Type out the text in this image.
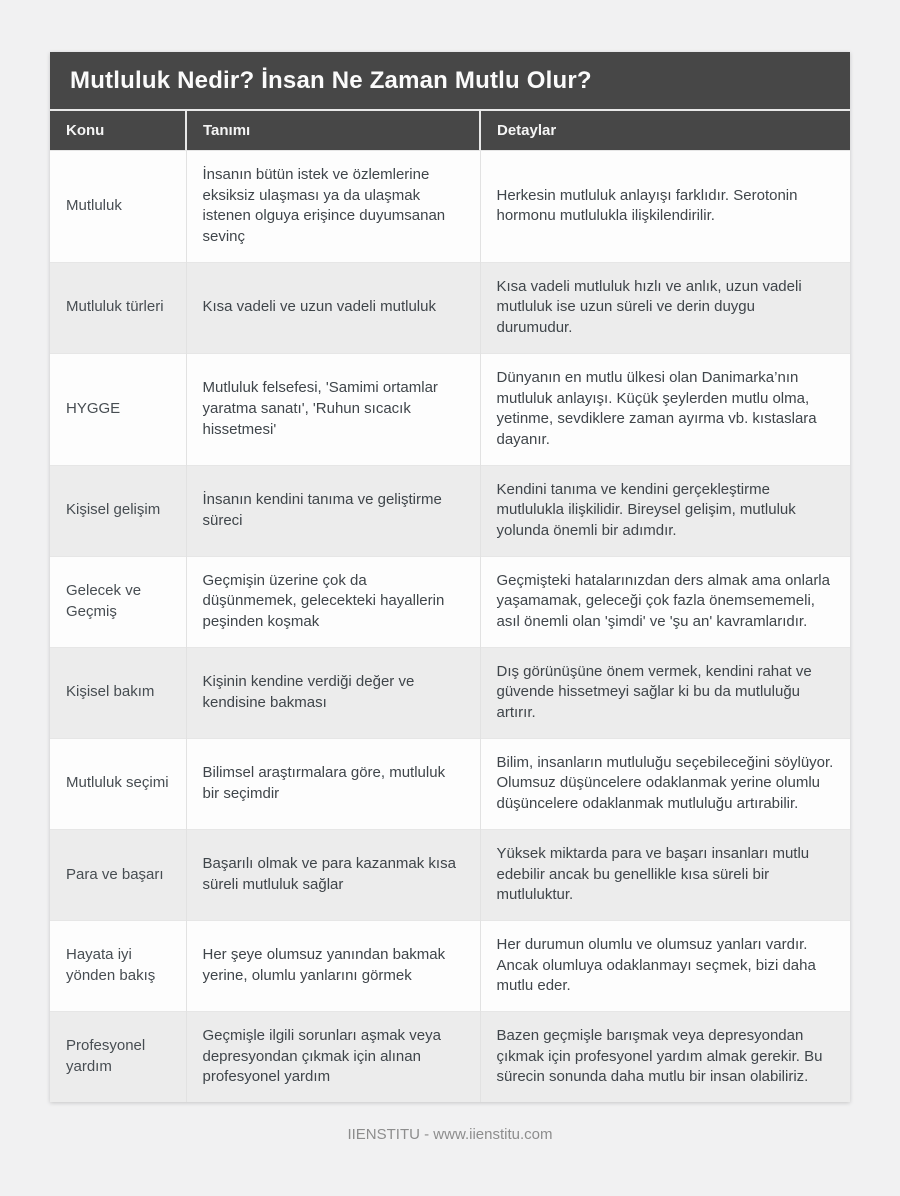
Mutluluk Nedir? İnsan Ne Zaman Mutlu Olur?
Konu	Tanımı	Detaylar
Mutluluk	İnsanın bütün istek ve özlemlerine eksiksiz ulaşması ya da ulaşmak istenen olguya erişince duyumsanan sevinç	Herkesin mutluluk anlayışı farklıdır. Serotonin hormonu mutlulukla ilişkilendirilir.
Mutluluk türleri	Kısa vadeli ve uzun vadeli mutluluk	Kısa vadeli mutluluk hızlı ve anlık, uzun vadeli mutluluk ise uzun süreli ve derin duygu durumudur.
HYGGE	Mutluluk felsefesi, 'Samimi ortamlar yaratma sanatı', 'Ruhun sıcacık hissetmesi'	Dünyanın en mutlu ülkesi olan Danimarka’nın mutluluk anlayışı. Küçük şeylerden mutlu olma, yetinme, sevdiklere zaman ayırma vb. kıstaslara dayanır.
Kişisel gelişim	İnsanın kendini tanıma ve geliştirme süreci	Kendini tanıma ve kendini gerçekleştirme mutlulukla ilişkilidir. Bireysel gelişim, mutluluk yolunda önemli bir adımdır.
Gelecek ve Geçmiş	Geçmişin üzerine çok da düşünmemek, gelecekteki hayallerin peşinden koşmak	Geçmişteki hatalarınızdan ders almak ama onlarla yaşamamak, geleceği çok fazla önemsememeli, asıl önemli olan 'şimdi' ve 'şu an' kavramlarıdır.
Kişisel bakım	Kişinin kendine verdiği değer ve kendisine bakması	Dış görünüşüne önem vermek, kendini rahat ve güvende hissetmeyi sağlar ki bu da mutluluğu artırır.
Mutluluk seçimi	Bilimsel araştırmalara göre, mutluluk bir seçimdir	Bilim, insanların mutluluğu seçebileceğini söylüyor. Olumsuz düşüncelere odaklanmak yerine olumlu düşüncelere odaklanmak mutluluğu artırabilir.
Para ve başarı	Başarılı olmak ve para kazanmak kısa süreli mutluluk sağlar	Yüksek miktarda para ve başarı insanları mutlu edebilir ancak bu genellikle kısa süreli bir mutluluktur.
Hayata iyi yönden bakış	Her şeye olumsuz yanından bakmak yerine, olumlu yanlarını görmek	Her durumun olumlu ve olumsuz yanları vardır. Ancak olumluya odaklanmayı seçmek, bizi daha mutlu eder.
Profesyonel yardım	Geçmişle ilgili sorunları aşmak veya depresyondan çıkmak için alınan profesyonel yardım	Bazen geçmişle barışmak veya depresyondan çıkmak için profesyonel yardım almak gerekir. Bu sürecin sonunda daha mutlu bir insan olabiliriz.
IIENSTITU - www.iienstitu.com
